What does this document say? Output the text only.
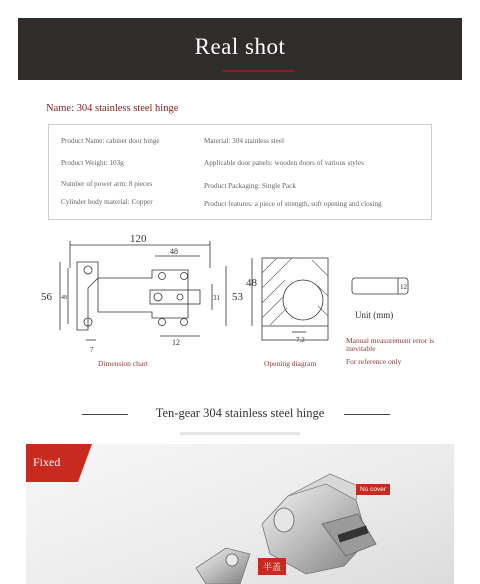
Real shot
Name: 304 stainless steel hinge
Product Name: cabinet door hinge	Material: 304 stainless steel
Product Weight: 103g	Applicable door panels: wooden doors of various styles
Number of power arm: 8 pieces	Product Packaging: Single Pack
Cylinder body material: Copper	Product features: a piece of strength, soft opening and closing
120
56 48
48
53
31
12
7
48
7.2
12
Unit (mm)
Dimension chart	Opening diagram
Manual measurement error is inevitable
For reference only
Ten-gear 304 stainless steel hinge
Fixed
No cover
半盖
